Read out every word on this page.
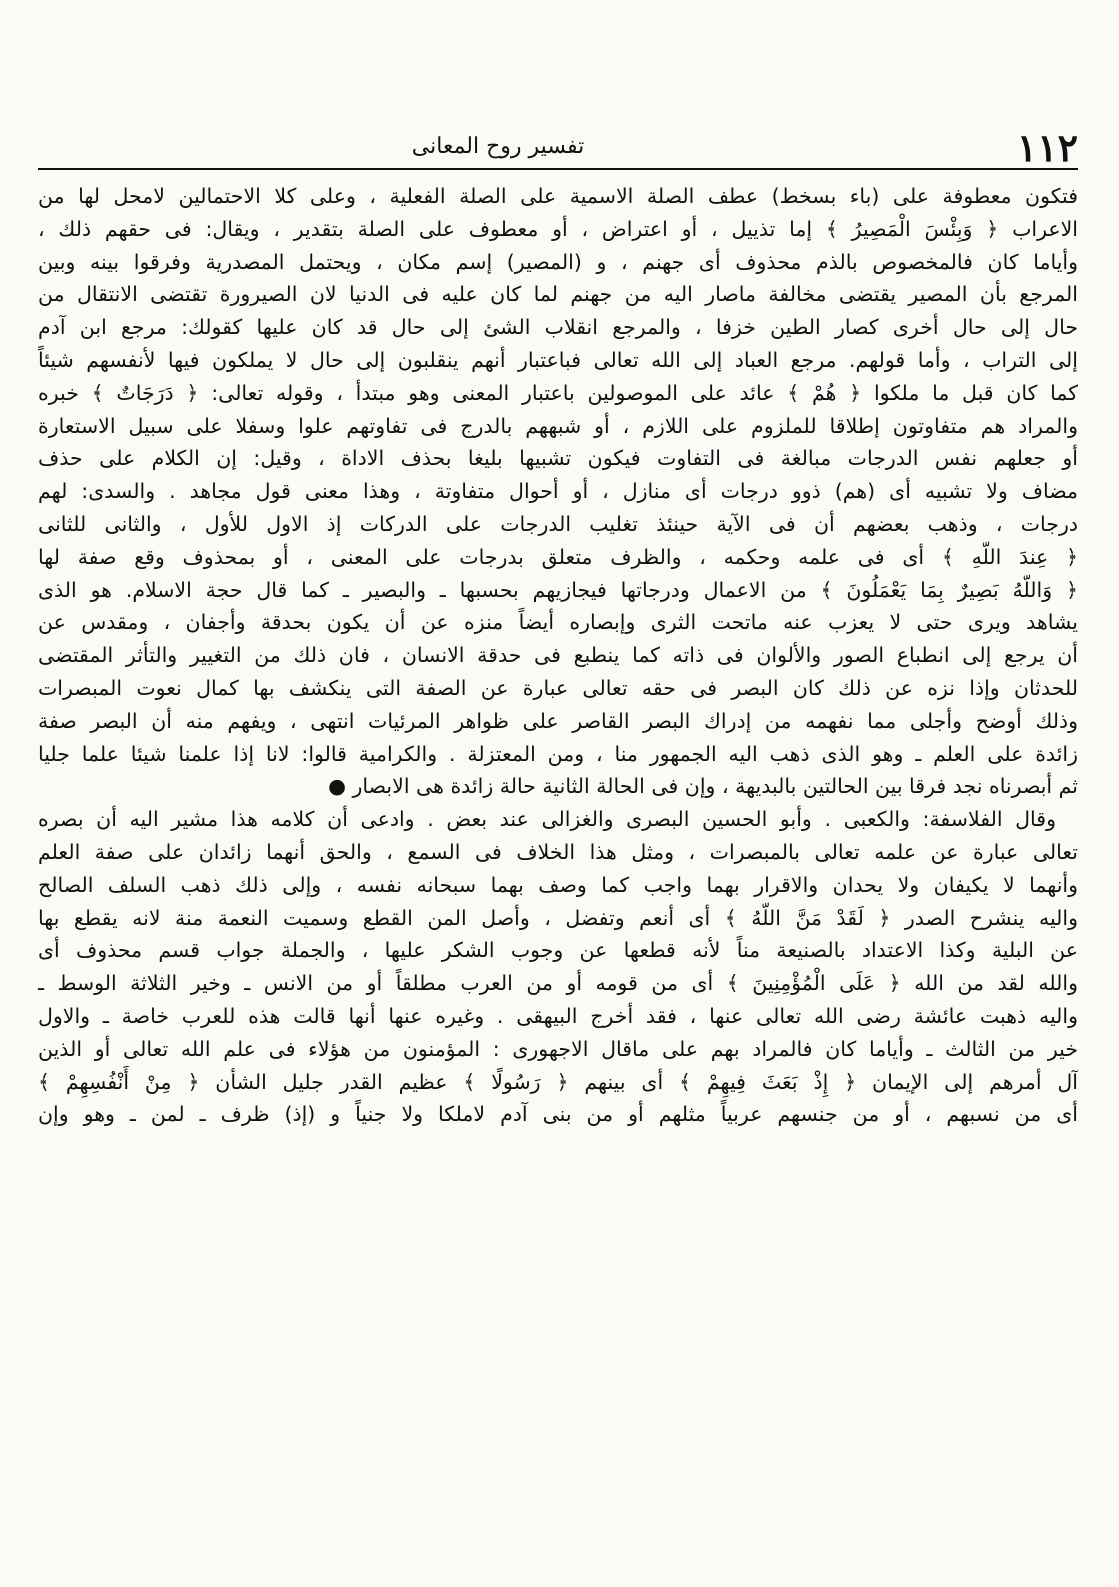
١١٢
تفسير روح المعانى
فتكون معطوفة على (باء بسخط) عطف الصلة الاسمية على الصلة الفعلية ، وعلى كلا الاحتمالين لامحل لها من
الاعراب ﴿ وَبِئْسَ الْمَصِيرُ ﴾ إما تذييل ، أو اعتراض ، أو معطوف على الصلة بتقدير ، ويقال: فى حقهم ذلك ،
وأياما كان فالمخصوص بالذم محذوف أى جهنم ، و (المصير) إسم مكان ، ويحتمل المصدرية وفرقوا بينه وبين
المرجع بأن المصير يقتضى مخالفة ماصار اليه من جهنم لما كان عليه فى الدنيا لان الصيرورة تقتضى الانتقال من
حال إلى حال أخرى كصار الطين خزفا ، والمرجع انقلاب الشئ إلى حال قد كان عليها كقولك: مرجع ابن آدم
إلى التراب ، وأما قولهم. مرجع العباد إلى الله تعالى فباعتبار أنهم ينقلبون إلى حال لا يملكون فيها لأنفسهم شيئاً
كما كان قبل ما ملكوا ﴿ هُمْ ﴾ عائد على الموصولين باعتبار المعنى وهو مبتدأ ، وقوله تعالى: ﴿ دَرَجَاتٌ ﴾ خبره
والمراد هم متفاوتون إطلاقا للملزوم على اللازم ، أو شبههم بالدرج فى تفاوتهم علوا وسفلا على سبيل الاستعارة
أو جعلهم نفس الدرجات مبالغة فى التفاوت فيكون تشبيها بليغا بحذف الاداة ، وقيل: إن الكلام على حذف
مضاف ولا تشبيه أى (هم) ذوو درجات أى منازل ، أو أحوال متفاوتة ، وهذا معنى قول مجاهد . والسدى: لهم
درجات ، وذهب بعضهم أن فى الآية حينئذ تغليب الدرجات على الدركات إذ الاول للأول ، والثانى للثانى
﴿ عِندَ اللَّهِ ﴾ أى فى علمه وحكمه ، والظرف متعلق بدرجات على المعنى ، أو بمحذوف وقع صفة لها
﴿ وَاللَّهُ بَصِيرٌ بِمَا يَعْمَلُونَ ﴾ من الاعمال ودرجاتها فيجازيهم بحسبها ـ والبصير ـ كما قال حجة الاسلام. هو الذى
يشاهد ويرى حتى لا يعزب عنه ماتحت الثرى وإبصاره أيضاً منزه عن أن يكون بحدقة وأجفان ، ومقدس عن
أن يرجع إلى انطباع الصور والألوان فى ذاته كما ينطبع فى حدقة الانسان ، فان ذلك من التغيير والتأثر المقتضى
للحدثان وإذا نزه عن ذلك كان البصر فى حقه تعالى عبارة عن الصفة التى ينكشف بها كمال نعوت المبصرات
وذلك أوضح وأجلى مما نفهمه من إدراك البصر القاصر على ظواهر المرئيات انتهى ، ويفهم منه أن البصر صفة
زائدة على العلم ـ وهو الذى ذهب اليه الجمهور منا ، ومن المعتزلة . والكرامية قالوا: لانا إذا علمنا شيئا علما جليا
ثم أبصرناه نجد فرقا بين الحالتين بالبديهة ، وإن فى الحالة الثانية حالة زائدة هى الابصار ●
وقال الفلاسفة: والكعبى . وأبو الحسين البصرى والغزالى عند بعض . وادعى أن كلامه هذا مشير اليه أن بصره
تعالى عبارة عن علمه تعالى بالمبصرات ، ومثل هذا الخلاف فى السمع ، والحق أنهما زائدان على صفة العلم
وأنهما لا يكيفان ولا يحدان والاقرار بهما واجب كما وصف بهما سبحانه نفسه ، وإلى ذلك ذهب السلف الصالح
واليه ينشرح الصدر ﴿ لَقَدْ مَنَّ اللَّهُ ﴾ أى أنعم وتفضل ، وأصل المن القطع وسميت النعمة منة لانه يقطع بها
عن البلية وكذا الاعتداد بالصنيعة مناً لأنه قطعها عن وجوب الشكر عليها ، والجملة جواب قسم محذوف أى
والله لقد من الله ﴿ عَلَى الْمُؤْمِنِينَ ﴾ أى من قومه أو من العرب مطلقاً أو من الانس ـ وخير الثلاثة الوسط ـ
واليه ذهبت عائشة رضى الله تعالى عنها ، فقد أخرج البيهقى . وغيره عنها أنها قالت هذه للعرب خاصة ـ والاول
خير من الثالث ـ وأياما كان فالمراد بهم على ماقال الاجهورى : المؤمنون من هؤلاء فى علم الله تعالى أو الذين
آل أمرهم إلى الإيمان ﴿ إِذْ بَعَثَ فِيهِمْ ﴾ أى بينهم ﴿ رَسُولًا ﴾ عظيم القدر جليل الشأن ﴿ مِنْ أَنْفُسِهِمْ ﴾
أى من نسبهم ، أو من جنسهم عربياً مثلهم أو من بنى آدم لاملكا ولا جنياً و (إذ) ظرف ـ لمن ـ وهو وإن
